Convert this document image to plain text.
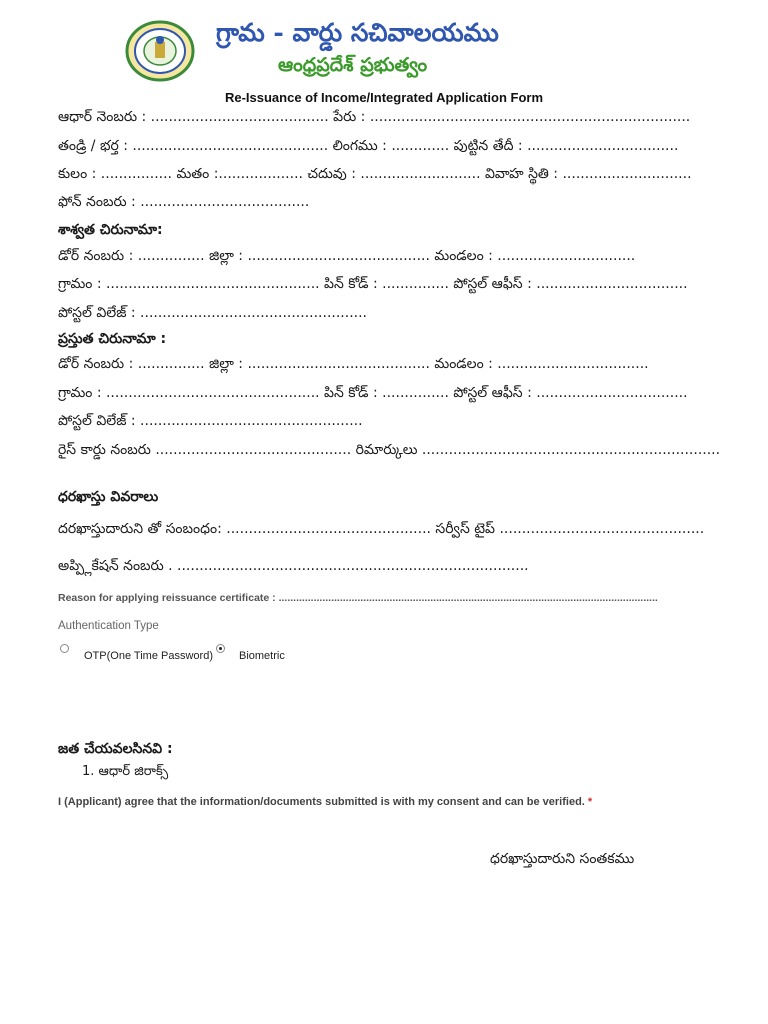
గ్రామ - వార్డు సచివాలయము
ఆంధ్రప్రదేశ్ ప్రభుత్వం
Re-Issuance of Income/Integrated Application Form
ఆధార్ నెంబరు : ........................................ పేరు : ........................................................................
తండ్రి / భర్త : ............................................ లింగము : ............. పుట్టిన తేదీ : ..................................
కులం : ................ మతం :................... చదువు : ........................... వివాహ స్థితి : .............................
ఫోన్ నంబరు : ......................................
శాశ్వత చిరునామా:
డోర్ నంబరు : ............... జిల్లా : ......................................... మండలం : ...............................
గ్రామం : ................................................ పిన్ కోడ్ : ............... పోస్టల్ ఆఫీస్ : ..................................
పోస్టల్ విలేజ్ : ...................................................
ప్రస్తుత చిరునామా :
డోర్ నంబరు : ............... జిల్లా : ......................................... మండలం : ..................................
గ్రామం : ................................................ పిన్ కోడ్ : ............... పోస్టల్ ఆఫీస్ : ..................................
పోస్టల్ విలేజ్ : ..................................................
రైస్ కార్డు నంబరు ............................................ రిమార్కులు ...................................................................
ధరఖాస్తు వివరాలు
దరఖాస్తుదారుని తో సంబంధం: .............................................. సర్వీస్ టైప్ ..............................................
అప్ప్లికేషన్ నంబరు . ...............................................................................
Reason for applying reissuance certificate : ..................................................................................................................................
Authentication Type
OTP(One Time Password) Biometric
జత చేయవలసినవి :
1. ఆధార్ జిరాక్స్
I (Applicant) agree that the information/documents submitted is with my consent and can be verified. *
ధరఖాస్తుదారుని సంతకము
